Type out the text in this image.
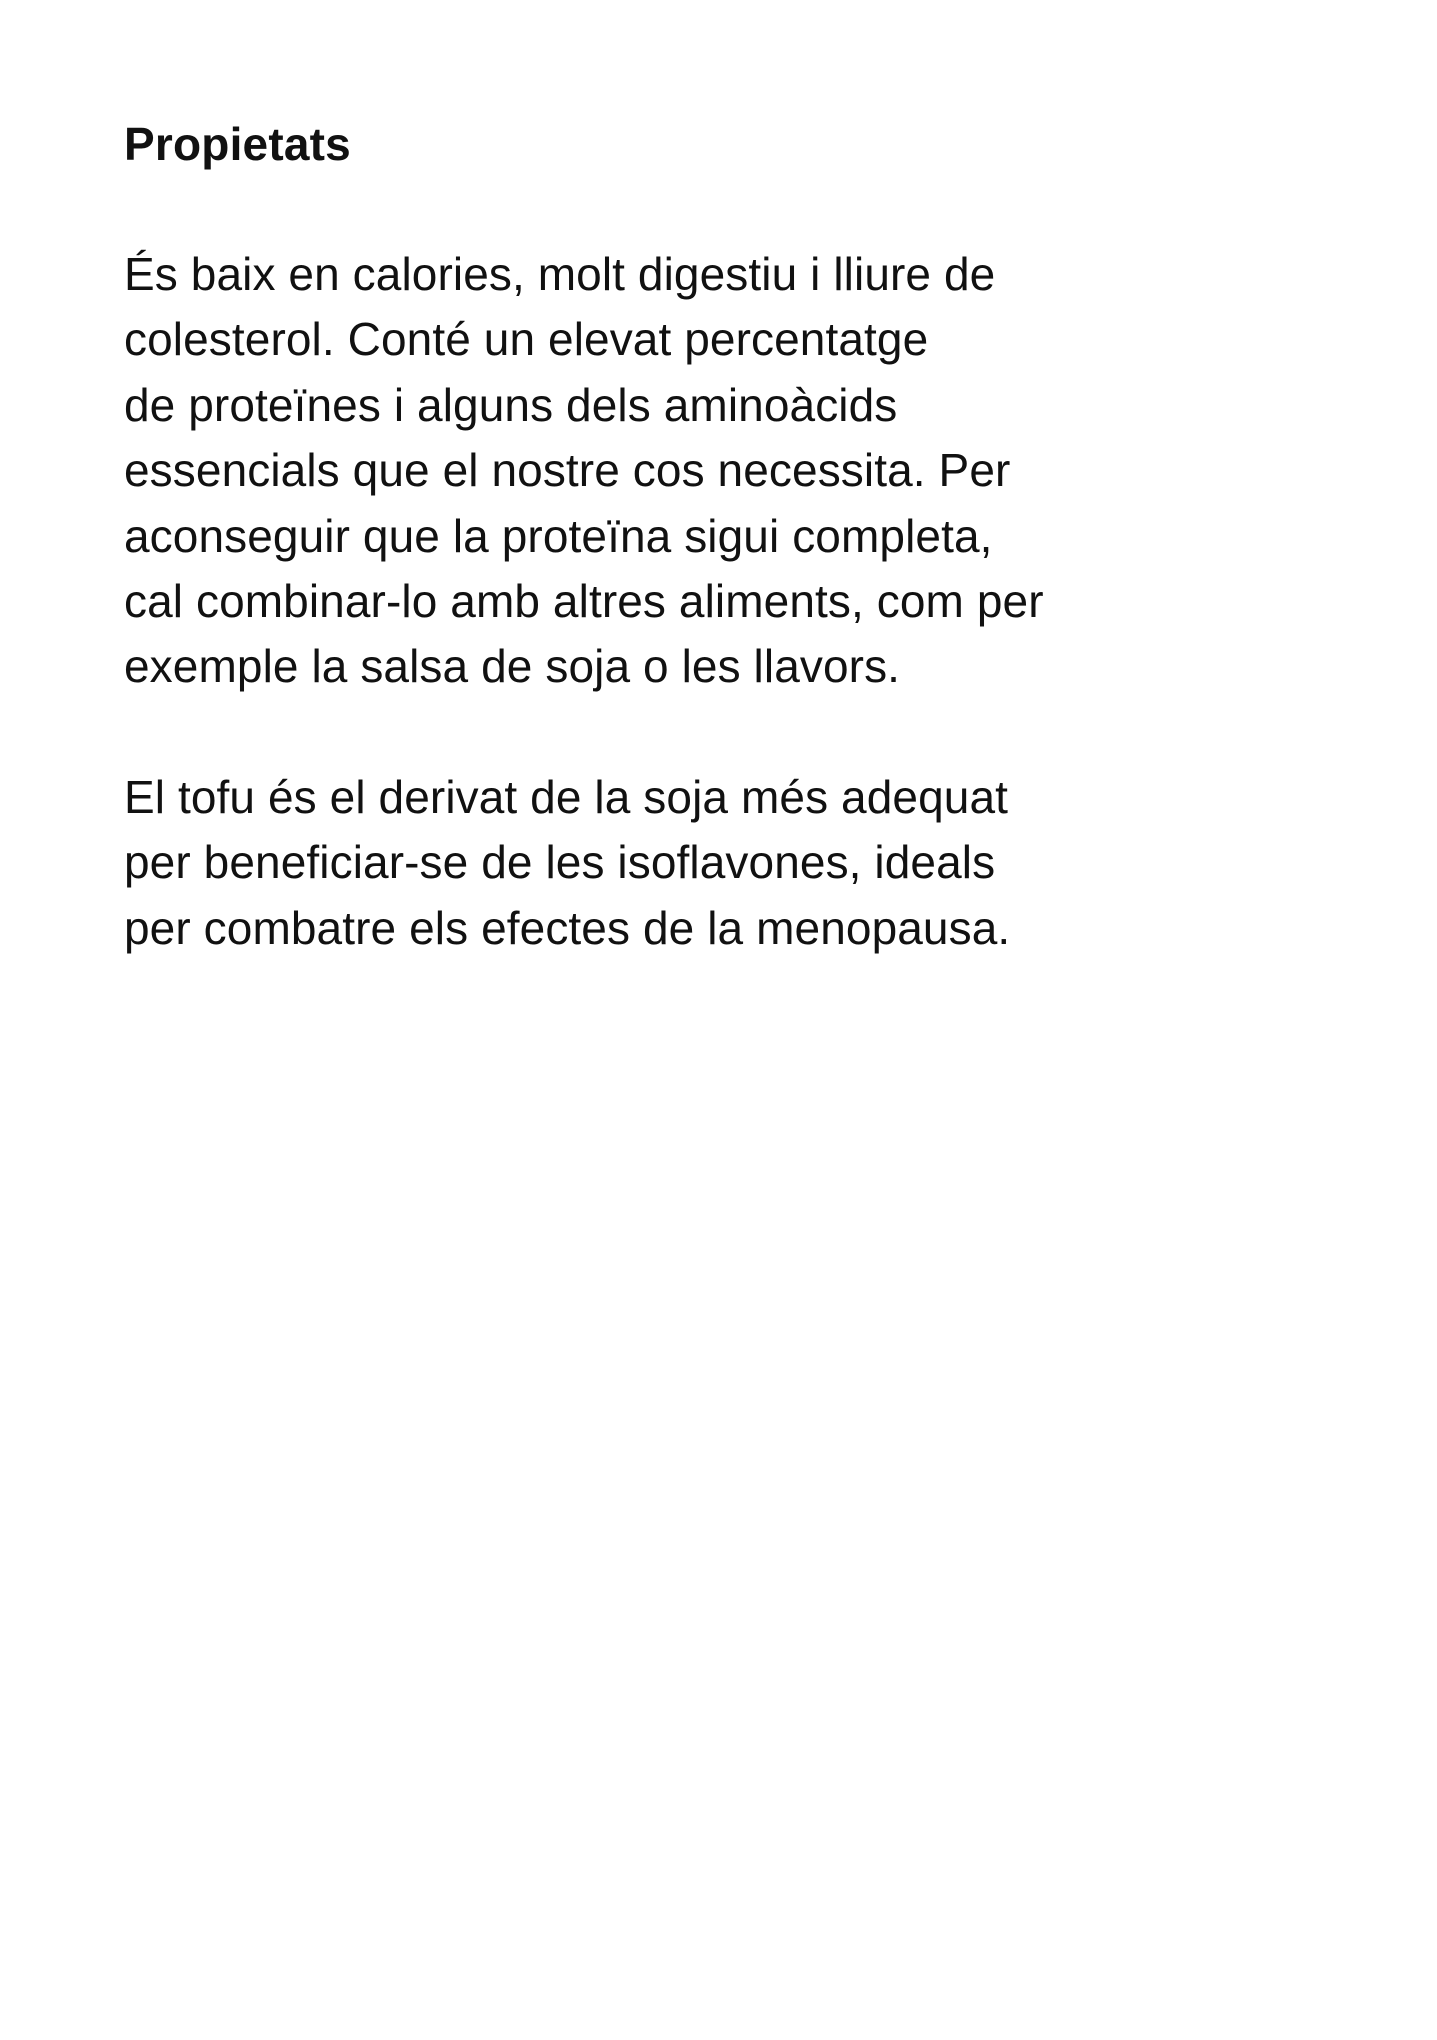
Propietats

És baix en calories, molt digestiu i lliure de
colesterol. Conté un elevat percentatge
de proteïnes i alguns dels aminoàcids
essencials que el nostre cos necessita. Per
aconseguir que la proteïna sigui completa,
cal combinar-lo amb altres aliments, com per
exemple la salsa de soja o les llavors.

El tofu és el derivat de la soja més adequat
per beneficiar-se de les isoflavones, ideals
per combatre els efectes de la menopausa.
